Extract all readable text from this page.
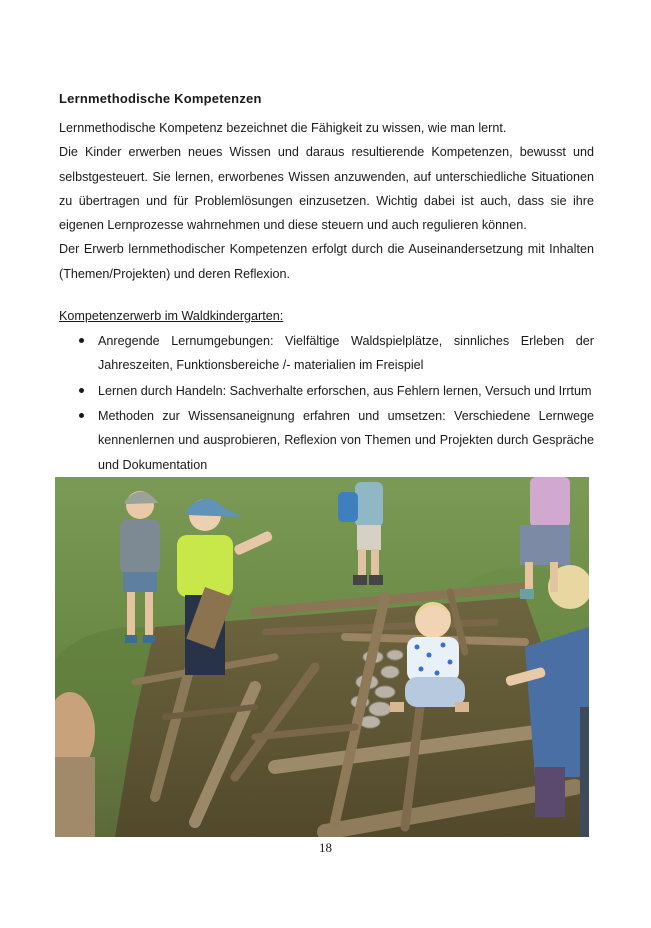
Lernmethodische Kompetenzen

Lernmethodische Kompetenz bezeichnet die Fähigkeit zu wissen, wie man lernt.

Die Kinder erwerben neues Wissen und daraus resultierende Kompetenzen, bewusst und selbstgesteuert. Sie lernen, erworbenes Wissen anzuwenden, auf unterschiedliche Situationen zu übertragen und für Problemlösungen einzusetzen. Wichtig dabei ist auch, dass sie ihre eigenen Lernprozesse wahrnehmen und diese steuern und auch regulieren können.

Der Erwerb lernmethodischer Kompetenzen erfolgt durch die Auseinandersetzung mit Inhalten (Themen/Projekten) und deren Reflexion.

Kompetenzerwerb im Waldkindergarten:

Anregende Lernumgebungen: Vielfältige Waldspielplätze, sinnliches Erleben der Jahreszeiten, Funktionsbereiche /- materialien im Freispiel
Lernen durch Handeln: Sachverhalte erforschen, aus Fehlern lernen, Versuch und Irrtum
Methoden zur Wissensaneignung erfahren und umsetzen: Verschiedene Lernwege kennenlernen und ausprobieren, Reflexion von Themen und Projekten durch Gespräche und Dokumentation
18
